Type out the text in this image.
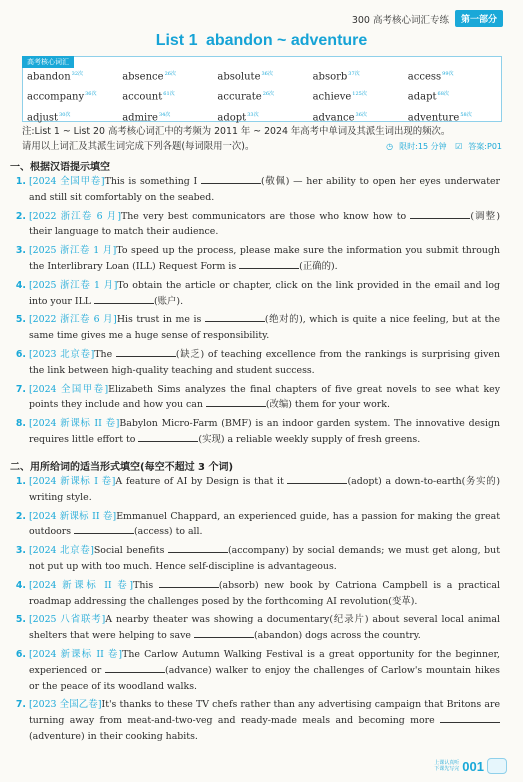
300 高考核心词汇专练	第一部分
List 1 abandon ~ adventure
高考核心词汇
abandon$^{32次}$	absence$^{26次}$	absolute$^{36次}$	absorb$^{37次}$	access$^{99次}$
accompany$^{36次}$	account$^{61次}$	accurate$^{26次}$	achieve$^{125次}$	adapt$^{68次}$
adjust$^{30次}$	admire$^{34次}$	adopt$^{33次}$	advance$^{36次}$	adventure$^{58次}$
注:List 1 ~ List 20 高考核心词汇中的考频为 2011 年 ~ 2024 年高考中单词及其派生词出现的频次。
请用以上词汇及其派生词完成下列各题(每词限用一次)。	◷ 限时:15 分钟 ☑ 答案:P01
一、根据汉语提示填空
1. [2024 全国甲卷]This is something I	(敬佩) — her ability to open her eyes underwater and still sit comfortably on the seabed.
2. [2022 浙江卷 6 月]The very best communicators are those who know how to	(调整) their language to match their audience.
3. [2025 浙江卷 1 月]To speed up the process, please make sure the information you submit through the Interlibrary Loan (ILL) Request Form is	(正确的).
4. [2025 浙江卷 1 月]To obtain the article or chapter, click on the link provided in the email and log into your ILL	(账户).
5. [2022 浙江卷 6 月]His trust in me is	(绝对的), which is quite a nice feeling, but at the same time gives me a huge sense of responsibility.
6. [2023 北京卷]The	(缺乏) of teaching excellence from the rankings is surprising given the link between high-quality teaching and student success.
7. [2024 全国甲卷]Elizabeth Sims analyzes the final chapters of five great novels to see what key points they include and how you can	(改编) them for your work.
8. [2024 新课标 II 卷]Babylon Micro-Farm (BMF) is an indoor garden system. The innovative design requires little effort to	(实现) a reliable weekly supply of fresh greens.
二、用所给词的适当形式填空(每空不超过 3 个词)
1. [2024 新课标 I 卷]A feature of AI by Design is that it	(adopt) a down-to-earth(务实的) writing style.
2. [2024 新课标 II 卷]Emmanuel Chappard, an experienced guide, has a passion for making the great outdoors	(access) to all.
3. [2024 北京卷]Social benefits	(accompany) by social demands; we must get along, but not put up with too much. Hence self-discipline is advantageous.
4. [2024 新课标 II 卷]This	(absorb) new book by Catriona Campbell is a practical roadmap addressing the challenges posed by the forthcoming AI revolution(变革).
5. [2025 八省联考]A nearby theater was showing a documentary(纪录片) about several local animal shelters that were helping to save	(abandon) dogs across the country.
6. [2024 新课标 II 卷]The Carlow Autumn Walking Festival is a great opportunity for the beginner, experienced or	(advance) walker to enjoy the challenges of Carlow's mountain hikes or the peace of its woodland walks.
7. [2023 全国乙卷]It's thanks to these TV chefs rather than any advertising campaign that Britons are turning away from meat-and-two-veg and ready-made meals and becoming more (adventure) in their cooking habits.
上课认真听
下课先写完 001
